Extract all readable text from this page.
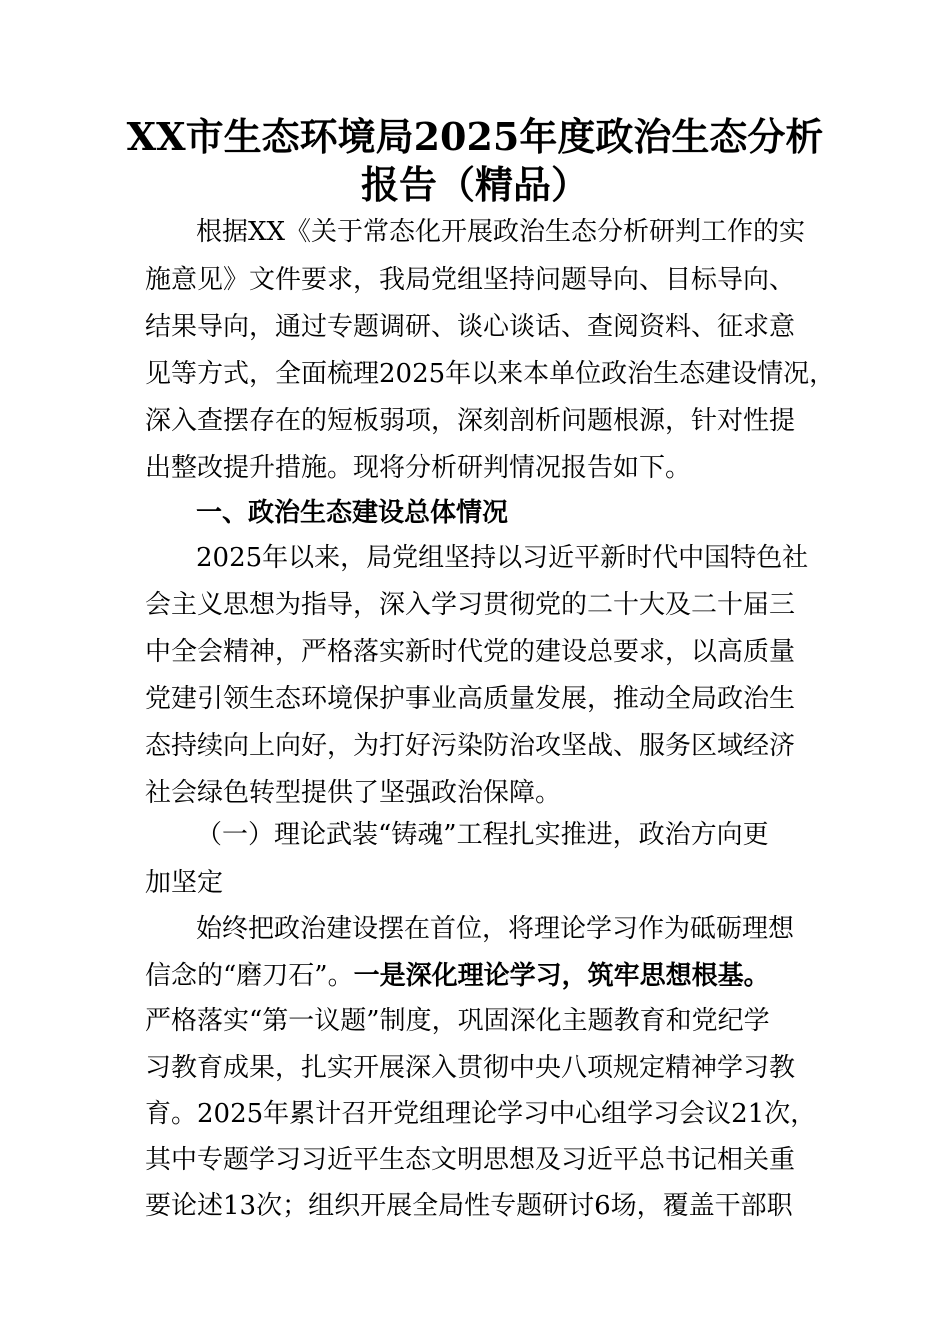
XX市生态环境局2025年度政治生态分析
报告（精品）
根据XX《关于常态化开展政治生态分析研判工作的实
施意见》文件要求，我局党组坚持问题导向、目标导向、
结果导向，通过专题调研、谈心谈话、查阅资料、征求意
见等方式，全面梳理2025年以来本单位政治生态建设情况，
深入查摆存在的短板弱项，深刻剖析问题根源，针对性提
出整改提升措施。现将分析研判情况报告如下。
一、政治生态建设总体情况
2025年以来，局党组坚持以习近平新时代中国特色社
会主义思想为指导，深入学习贯彻党的二十大及二十届三
中全会精神，严格落实新时代党的建设总要求，以高质量
党建引领生态环境保护事业高质量发展，推动全局政治生
态持续向上向好，为打好污染防治攻坚战、服务区域经济
社会绿色转型提供了坚强政治保障。
（一）理论武装“铸魂”工程扎实推进，政治方向更
加坚定
始终把政治建设摆在首位，将理论学习作为砥砺理想
信念的“磨刀石”。一是深化理论学习，筑牢思想根基。
严格落实“第一议题”制度，巩固深化主题教育和党纪学
习教育成果，扎实开展深入贯彻中央八项规定精神学习教
育。2025年累计召开党组理论学习中心组学习会议21次，
其中专题学习习近平生态文明思想及习近平总书记相关重
要论述13次；组织开展全局性专题研讨6场，覆盖干部职
